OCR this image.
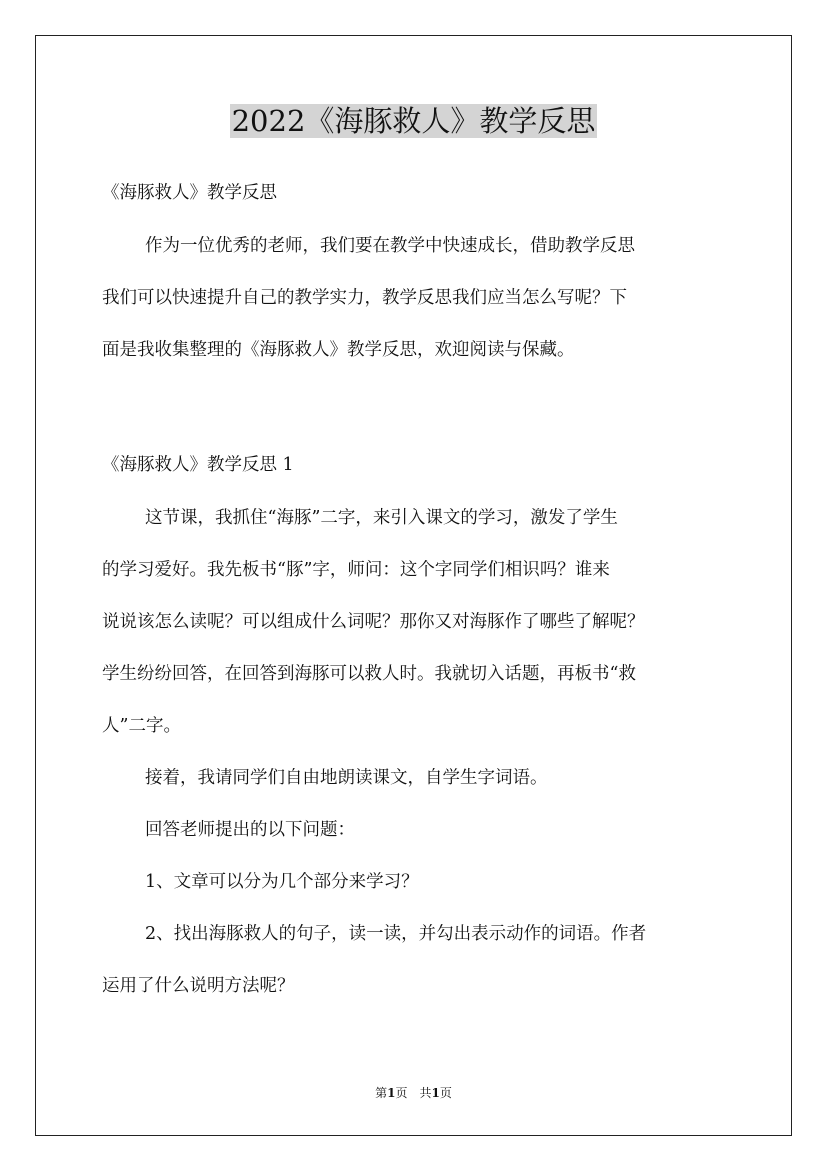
2022《海豚救人》教学反思
《海豚救人》教学反思
作为一位优秀的老师，我们要在教学中快速成长，借助教学反思
我们可以快速提升自己的教学实力，教学反思我们应当怎么写呢？下
面是我收集整理的《海豚救人》教学反思，欢迎阅读与保藏。
《海豚救人》教学反思 1
这节课，我抓住“海豚”二字，来引入课文的学习，激发了学生
的学习爱好。我先板书“豚”字，师问：这个字同学们相识吗？谁来
说说该怎么读呢？可以组成什么词呢？那你又对海豚作了哪些了解呢？
学生纷纷回答，在回答到海豚可以救人时。我就切入话题，再板书“救
人”二字。
接着，我请同学们自由地朗读课文，自学生字词语。
回答老师提出的以下问题：
1、文章可以分为几个部分来学习？
2、找出海豚救人的句子，读一读，并勾出表示动作的词语。作者
运用了什么说明方法呢？
第1页　共1页
